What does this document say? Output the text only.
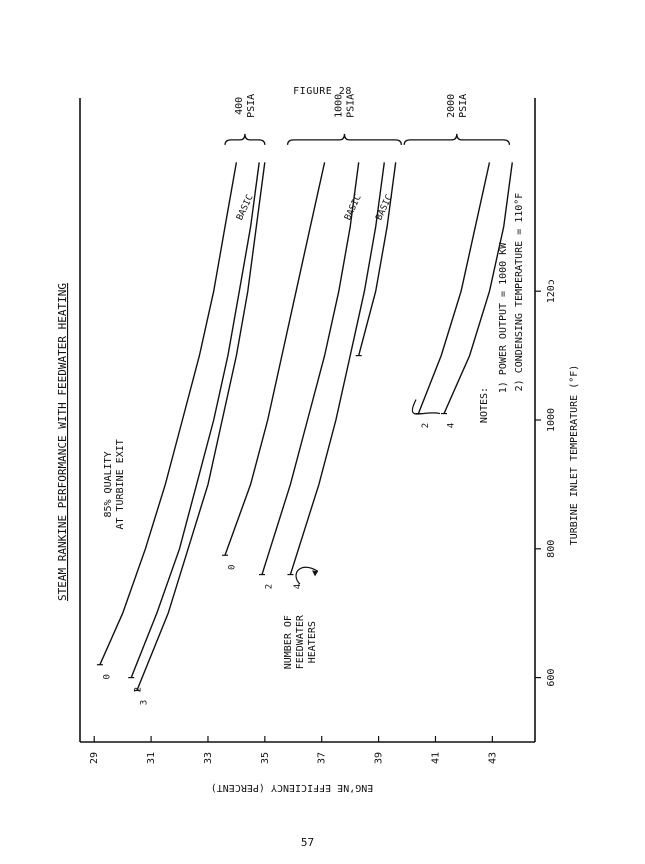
FIGURE 28
29	31	33	35	37	39	41	43
ENG’NE EFFICIENCY (PERCENT)
600
800
1000
120ɔ
TURBINE INLET TEMPERATURE (°F)
4
2
4
2
0
3
2
0
2000 PSIA
1000 PSIA
400 PSIA
STEAM RANKINE PERFORMANCE WITH FEEDWATER HEATING
BASIC
BASIC
BASIC
85% QUALITY AT TURBINE EXIT
NUMBER OF FEEDWATER HEATERS
NOTES:
1) POWER OUTPUT = 1000 KW 2) CONDENSING TEMPERATURE = 110°F
57
